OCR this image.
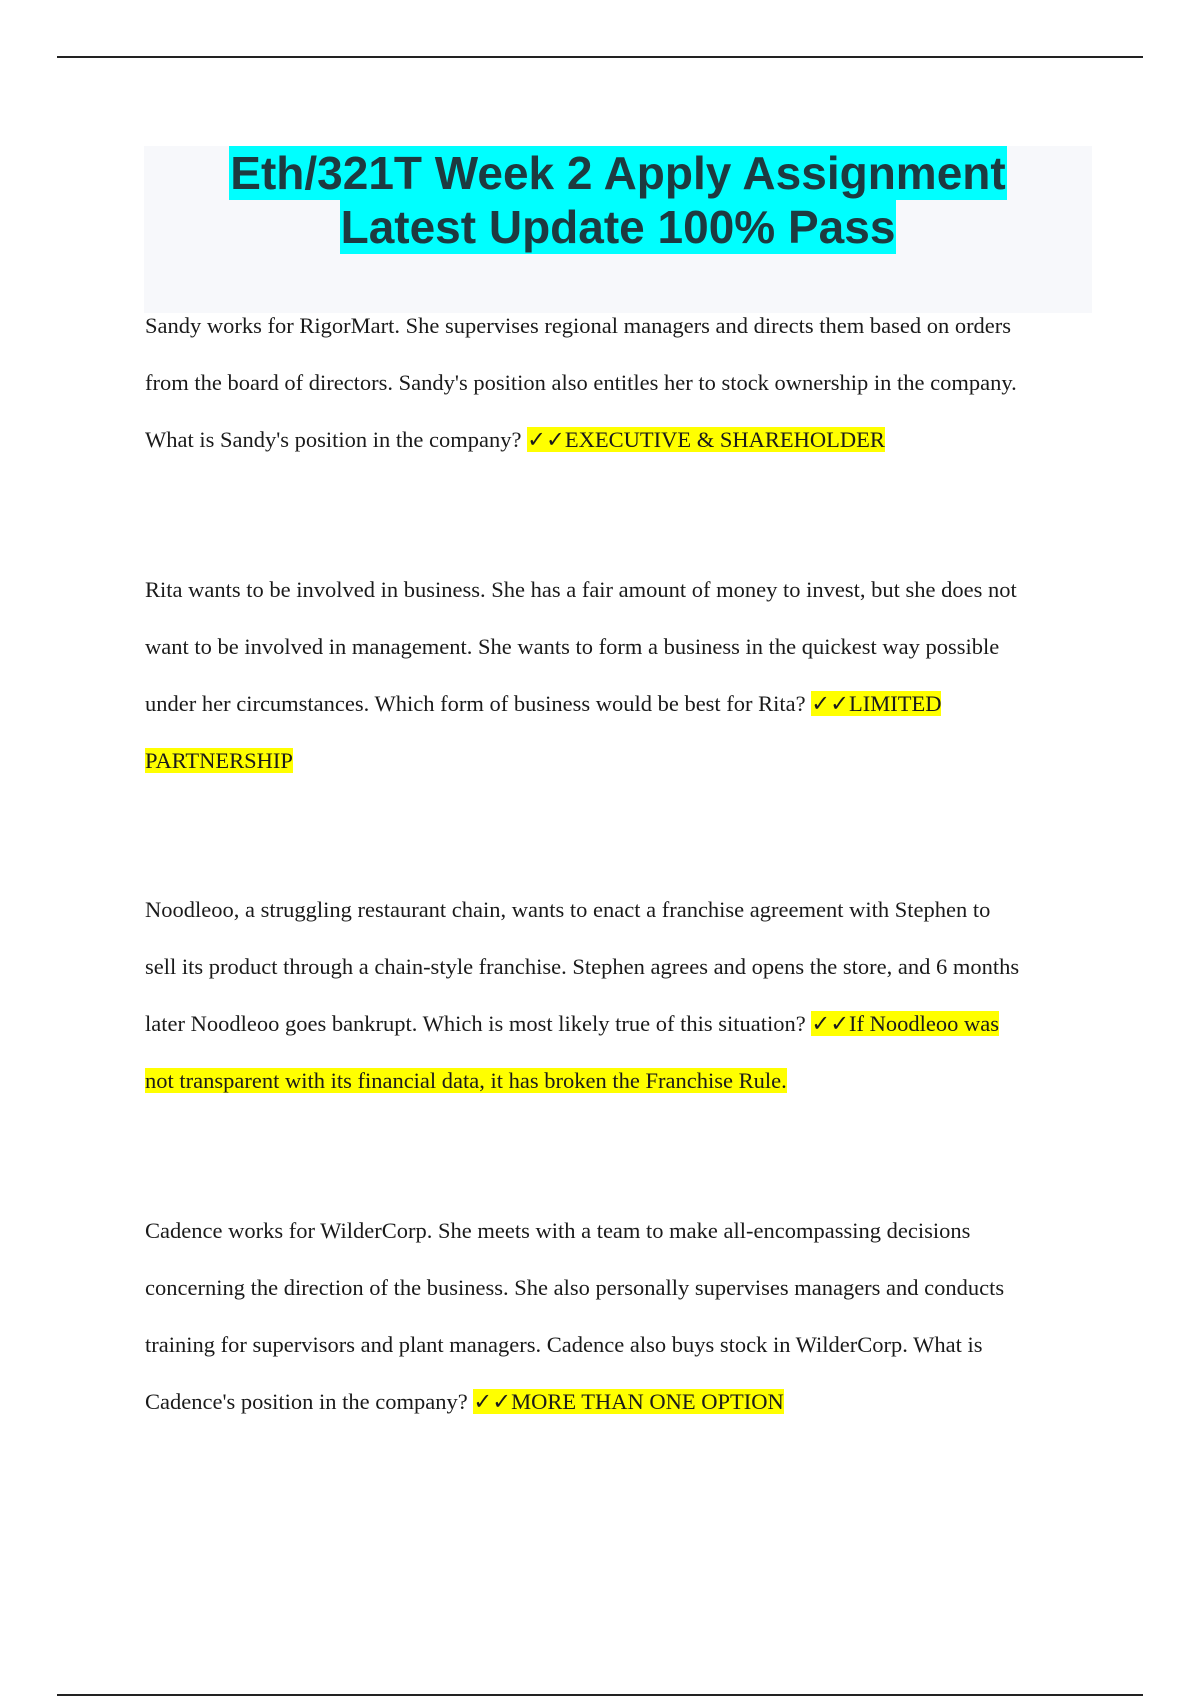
Eth/321T Week 2 Apply Assignment
Latest Update 100% Pass

Sandy works for RigorMart. She supervises regional managers and directs them based on orders

from the board of directors. Sandy's position also entitles her to stock ownership in the company.

What is Sandy's position in the company? ✓✓EXECUTIVE & SHAREHOLDER

Rita wants to be involved in business. She has a fair amount of money to invest, but she does not

want to be involved in management. She wants to form a business in the quickest way possible

under her circumstances. Which form of business would be best for Rita? ✓✓LIMITED

PARTNERSHIP

Noodleoo, a struggling restaurant chain, wants to enact a franchise agreement with Stephen to

sell its product through a chain-style franchise. Stephen agrees and opens the store, and 6 months

later Noodleoo goes bankrupt. Which is most likely true of this situation? ✓✓If Noodleoo was

not transparent with its financial data, it has broken the Franchise Rule.

Cadence works for WilderCorp. She meets with a team to make all-encompassing decisions

concerning the direction of the business. She also personally supervises managers and conducts

training for supervisors and plant managers. Cadence also buys stock in WilderCorp. What is

Cadence's position in the company? ✓✓MORE THAN ONE OPTION
